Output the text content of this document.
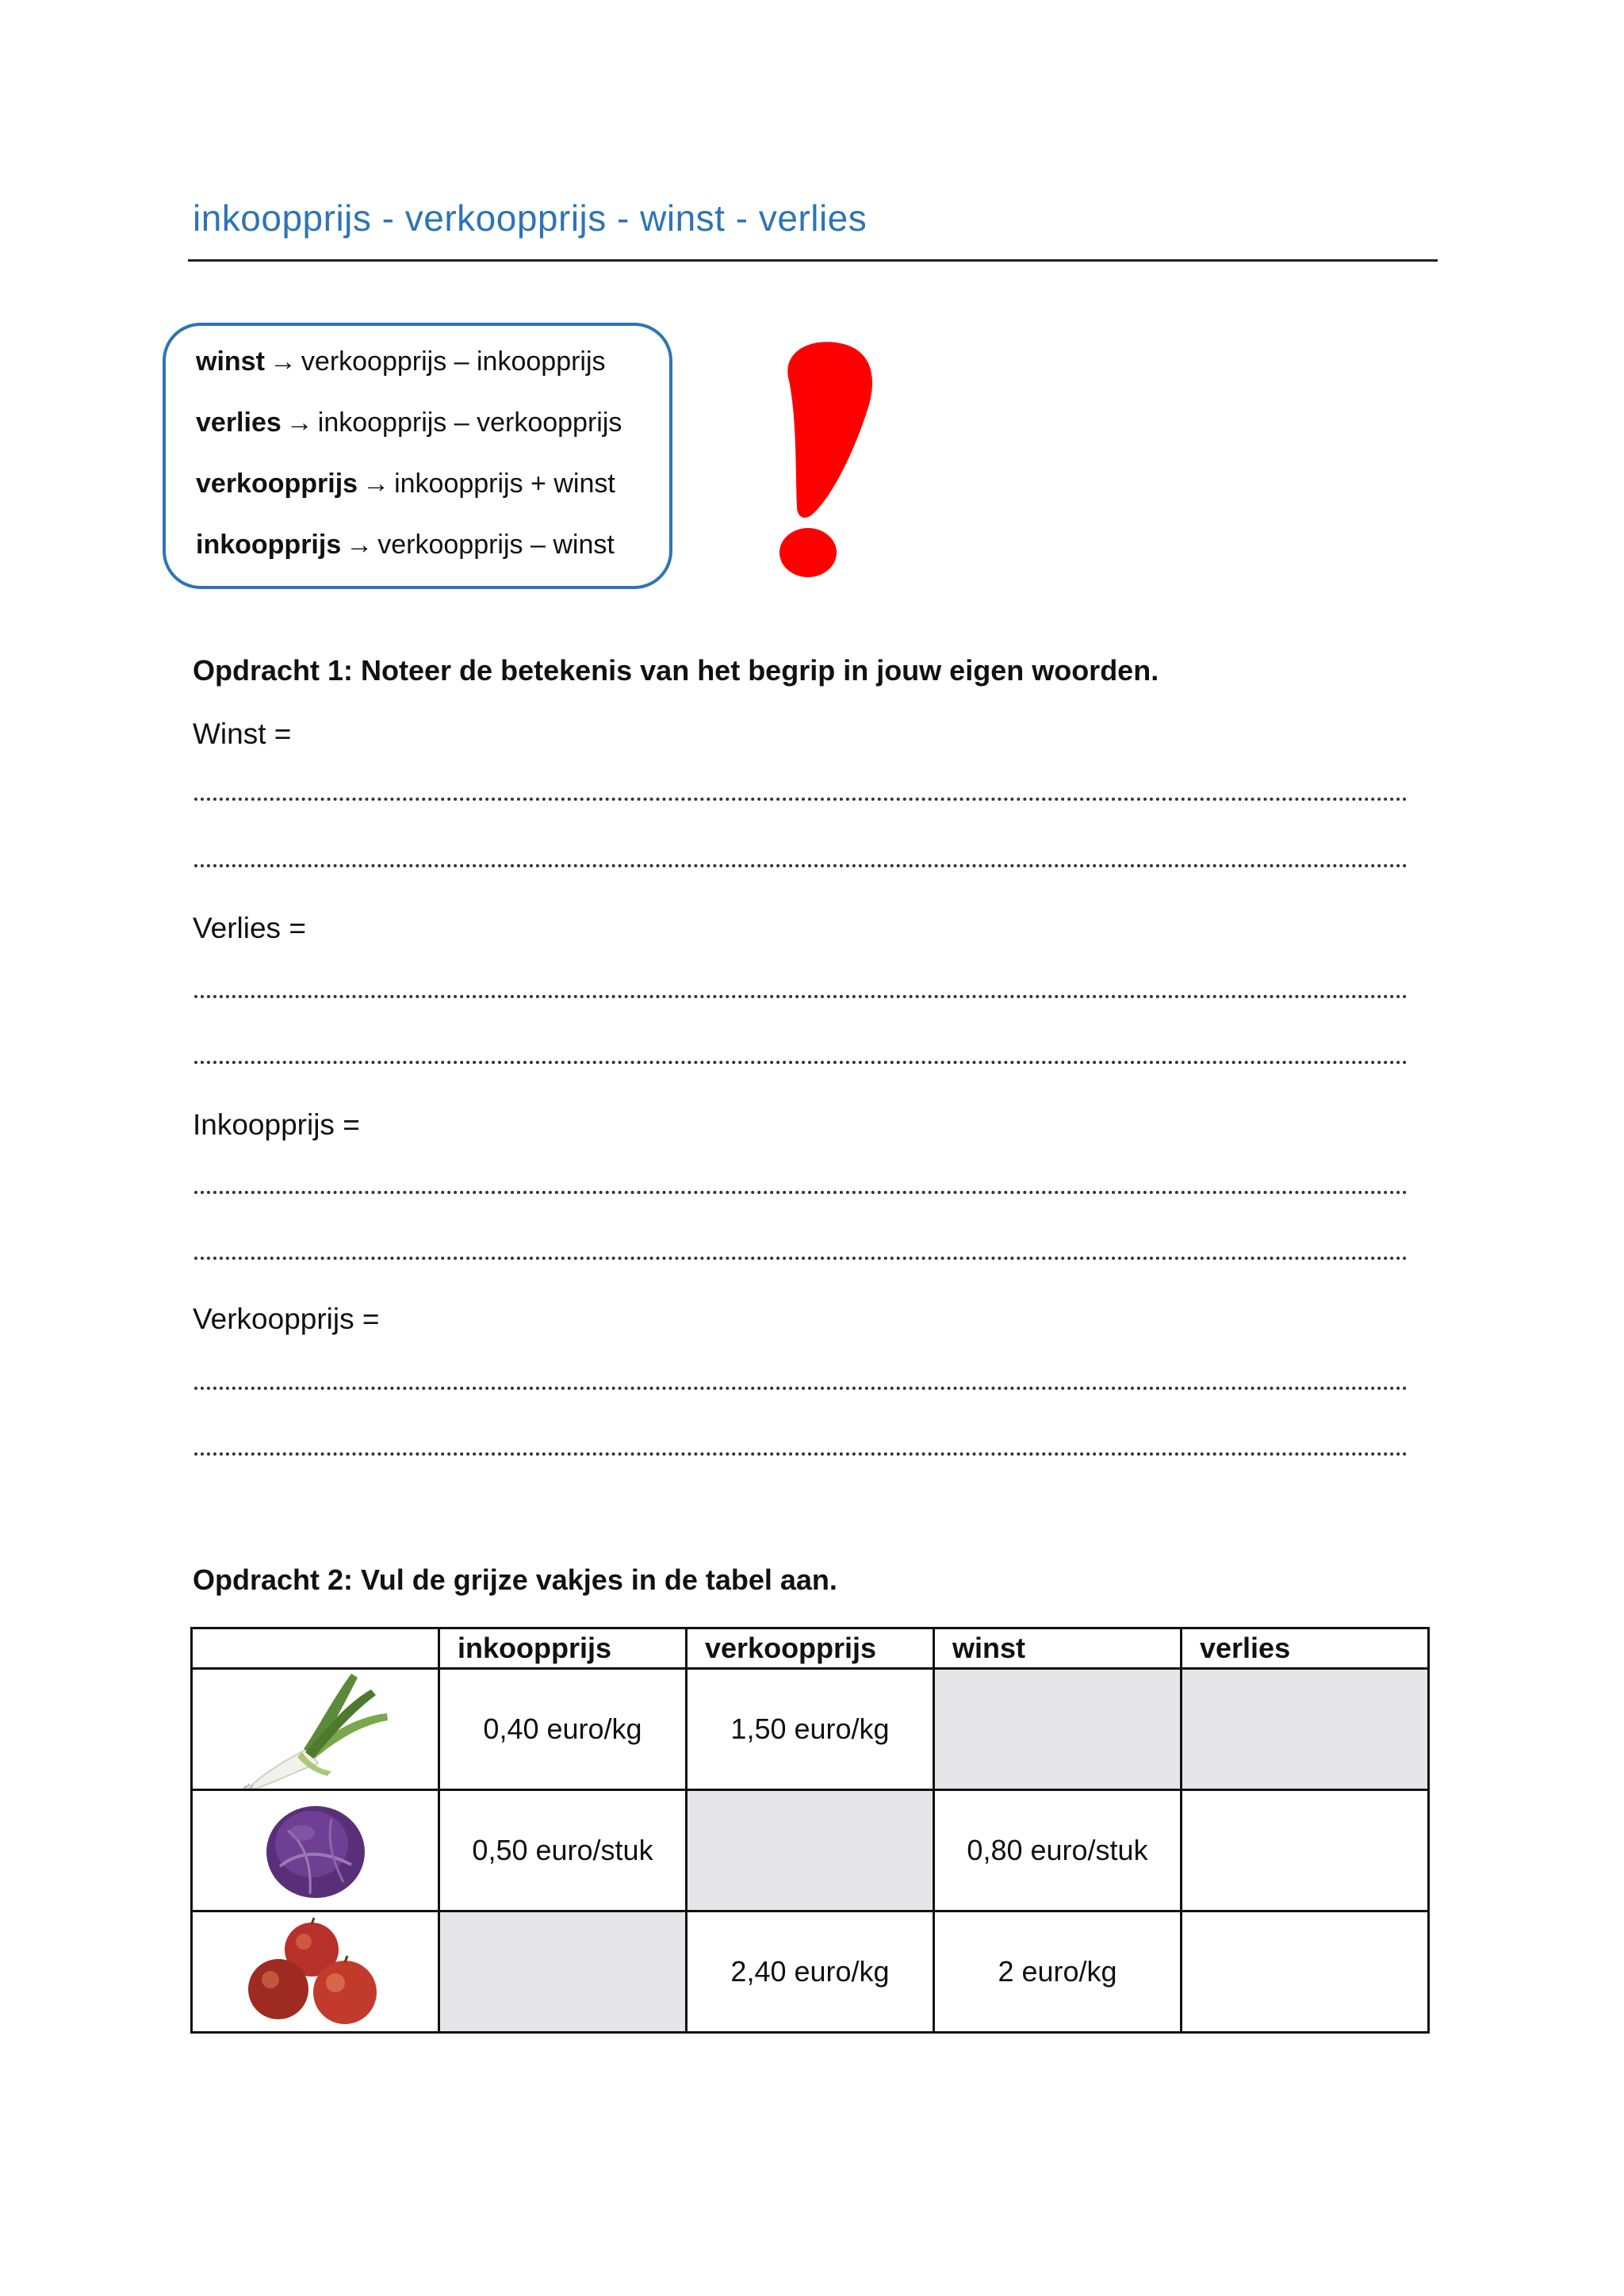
inkoopprijs - verkoopprijs - winst - verlies
winst → verkoopprijs – inkoopprijs
verlies → inkoopprijs – verkoopprijs
verkoopprijs → inkoopprijs + winst
inkoopprijs → verkoopprijs – winst
Opdracht 1: Noteer de betekenis van het begrip in jouw eigen woorden.
Winst =
Verlies =
Inkoopprijs =
Verkoopprijs =
Opdracht 2: Vul de grijze vakjes in de tabel aan.
	inkoopprijs	verkoopprijs	winst	verlies

	0,40 euro/kg	1,50 euro/kg		

	0,50 euro/stuk		0,80 euro/stuk	

		2,40 euro/kg	2 euro/kg	
